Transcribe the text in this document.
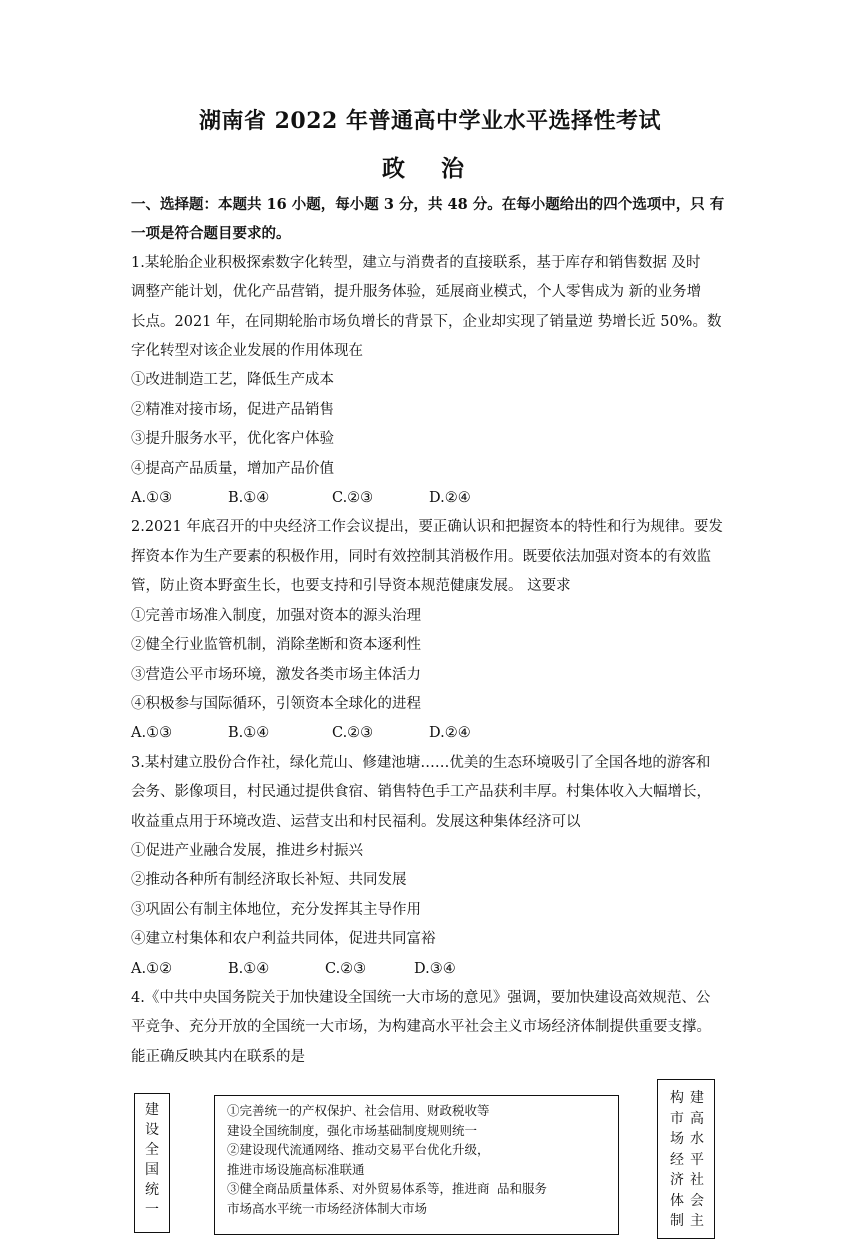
湖南省 2022 年普通高中学业水平选择性考试
政 治

一、选择题：本题共 16 小题，每小题 3 分，共 48 分。在每小题给出的四个选项中，只 有

一项是符合题目要求的。

1.某轮胎企业积极探索数字化转型，建立与消费者的直接联系，基于库存和销售数据 及时

调整产能计划，优化产品营销，提升服务体验，延展商业模式，个人零售成为 新的业务增

长点。2021 年，在同期轮胎市场负增长的背景下，企业却实现了销量逆 势增长近 50%。数

字化转型对该企业发展的作用体现在

①改进制造工艺，降低生产成本

②精准对接市场，促进产品销售

③提升服务水平，优化客户体验

④提高产品质量，增加产品价值

A.①③	B.①④	C.②③	D.②④

2.2021 年底召开的中央经济工作会议提出，要正确认识和把握资本的特性和行为规律。要发

挥资本作为生产要素的积极作用，同时有效控制其消极作用。既要依法加强对资本的有效监

管，防止资本野蛮生长，也要支持和引导资本规范健康发展。 这要求

①完善市场准入制度，加强对资本的源头治理

②健全行业监管机制，消除垄断和资本逐利性

③营造公平市场环境，激发各类市场主体活力

④积极参与国际循环，引领资本全球化的进程

A.①③	B.①④	C.②③	D.②④

3.某村建立股份合作社，绿化荒山、修建池塘……优美的生态环境吸引了全国各地的游客和

会务、影像项目，村民通过提供食宿、销售特色手工产品获利丰厚。村集体收入大幅增长，

收益重点用于环境改造、运营支出和村民福利。发展这种集体经济可以

①促进产业融合发展，推进乡村振兴

②推动各种所有制经济取长补短、共同发展

③巩固公有制主体地位，充分发挥其主导作用

④建立村集体和农户利益共同体，促进共同富裕

A.①②	B.①④	C.②③	D.③④

4.《中共中央国务院关于加快建设全国统一大市场的意见》强调，要加快建设高效规范、公

平竞争、充分开放的全国统一大市场，为构建高水平社会主义市场经济体制提供重要支撑。

能正确反映其内在联系的是

建
设
全
国
统
一
①完善统一的产权保护、社会信用、财政税收等
建设全国统制度，强化市场基础制度规则统一
②建设现代流通网络、推动交易平台优化升级，
推进市场设施高标准联通
③健全商品质量体系、对外贸易体系等，推进商 品和服务
市场高水平统一市场经济体制大市场
构
市
场
经
济
体
制
建
高
水
平
社
会
主
